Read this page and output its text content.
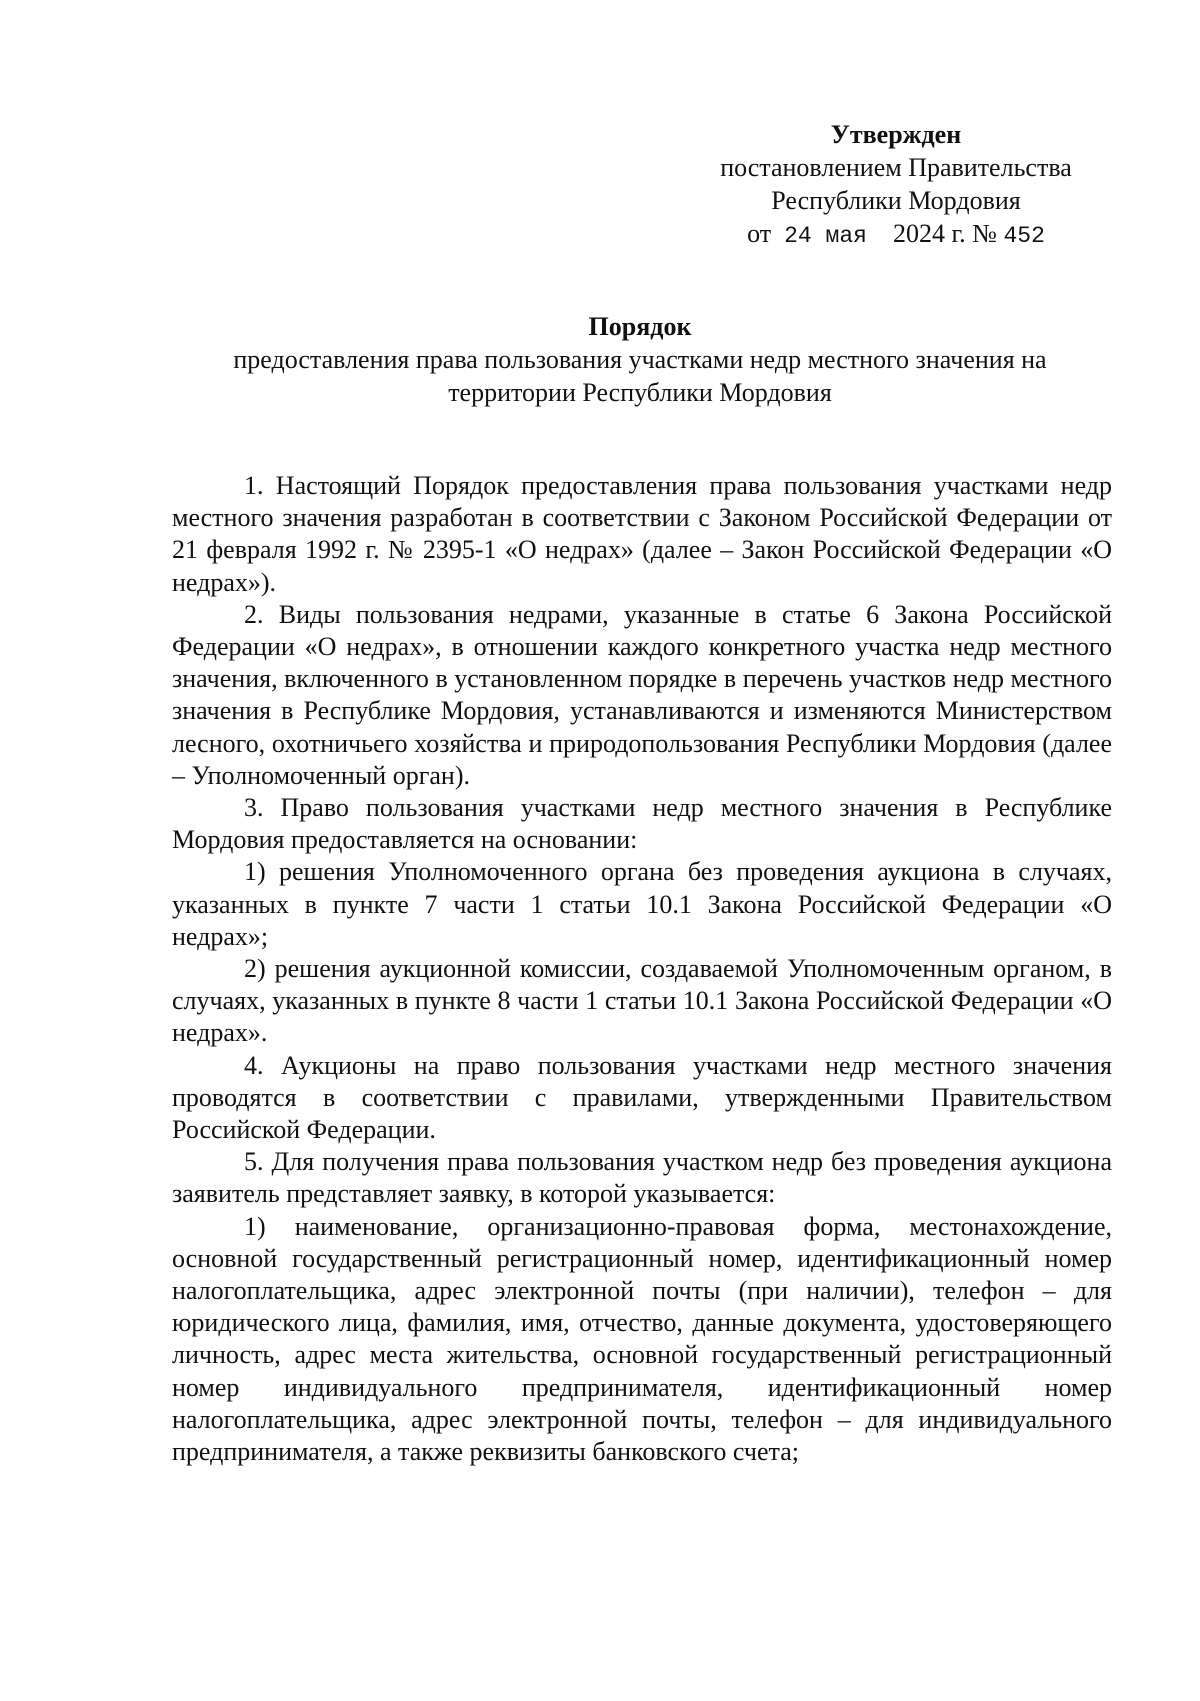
Утвержден
постановлением Правительства
Республики Мордовия
от 24 мая 2024 г. № 452
Порядок
предоставления права пользования участками недр местного значения на территории Республики Мордовия

1. Настоящий Порядок предоставления права пользования участками недр местного значения разработан в соответствии с Законом Российской Федерации от 21 февраля 1992 г. № 2395-1 «О недрах» (далее – Закон Российской Федерации «О недрах»).

2. Виды пользования недрами, указанные в статье 6 Закона Российской Федерации «О недрах», в отношении каждого конкретного участка недр местного значения, включенного в установленном порядке в перечень участков недр местного значения в Республике Мордовия, устанавливаются и изменяются Министерством лесного, охотничьего хозяйства и природопользования Республики Мордовия (далее – Уполномоченный орган).

3. Право пользования участками недр местного значения в Республике Мордовия предоставляется на основании:

1) решения Уполномоченного органа без проведения аукциона в случаях, указанных в пункте 7 части 1 статьи 10.1 Закона Российской Федерации «О недрах»;

2) решения аукционной комиссии, создаваемой Уполномоченным органом, в случаях, указанных в пункте 8 части 1 статьи 10.1 Закона Российской Федерации «О недрах».

4. Аукционы на право пользования участками недр местного значения проводятся в соответствии с правилами, утвержденными Правительством Российской Федерации.

5. Для получения права пользования участком недр без проведения аукциона заявитель представляет заявку, в которой указывается:

1) наименование, организационно-правовая форма, местонахождение, основной государственный регистрационный номер, идентификационный номер налогоплательщика, адрес электронной почты (при наличии), телефон – для юридического лица, фамилия, имя, отчество, данные документа, удостоверяющего личность, адрес места жительства, основной государственный регистрационный номер индивидуального предпринимателя, идентификационный номер налогоплательщика, адрес электронной почты, телефон – для индивидуального предпринимателя, а также реквизиты банковского счета;
